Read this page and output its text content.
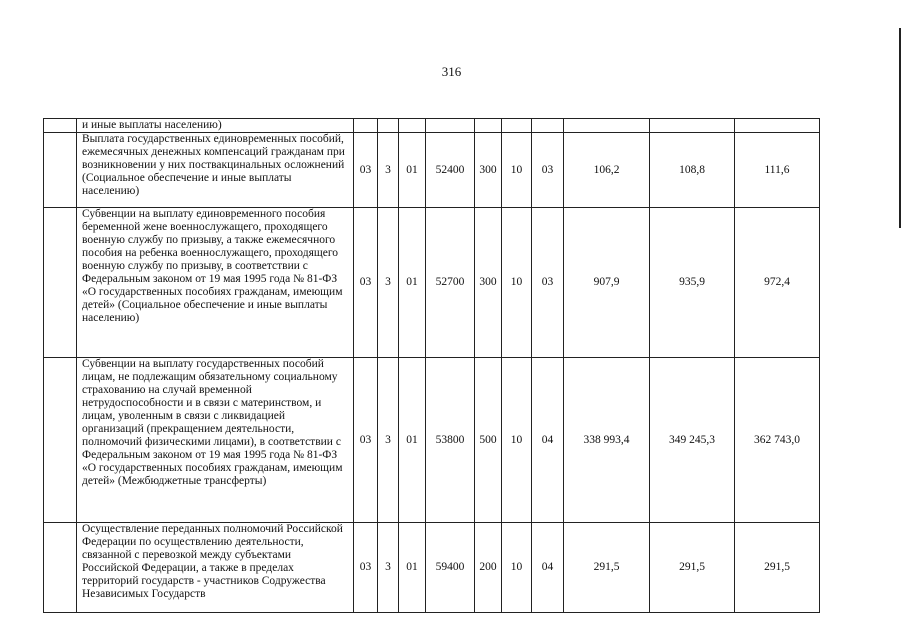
316
	и иные выплаты населению)										
	Выплата государственных единовременных пособий, ежемесячных денежных компенсаций гражданам при возникновении у них поствакцинальных осложнений (Социальное обеспечение и иные выплаты населению)	03	3	01	52400	300	10	03	106,2	108,8	111,6
	Субвенции на выплату единовременного пособия беременной жене военнослужащего, проходящего военную службу по призыву, а также ежемесячного пособия на ребенка военнослужащего, проходящего военную службу по призыву, в соответствии с Федеральным законом от 19 мая 1995 года № 81-ФЗ «О государственных пособиях гражданам, имеющим детей» (Социальное обеспечение и иные выплаты населению)	03	3	01	52700	300	10	03	907,9	935,9	972,4
	Субвенции на выплату государственных пособий лицам, не подлежащим обязательному социальному страхованию на случай временной нетрудоспособности и в связи с материнством, и лицам, уволенным в связи с ликвидацией организаций (прекращением деятельности, полномочий физическими лицами), в соответствии с Федеральным законом от 19 мая 1995 года № 81-ФЗ «О государственных пособиях гражданам, имеющим детей» (Межбюджетные трансферты)	03	3	01	53800	500	10	04	338 993,4	349 245,3	362 743,0
	Осуществление переданных полномочий Российской Федерации по осуществлению деятельности, связанной с перевозкой между субъектами Российской Федерации, а также в пределах территорий государств - участников Содружества Независимых Государств	03	3	01	59400	200	10	04	291,5	291,5	291,5
